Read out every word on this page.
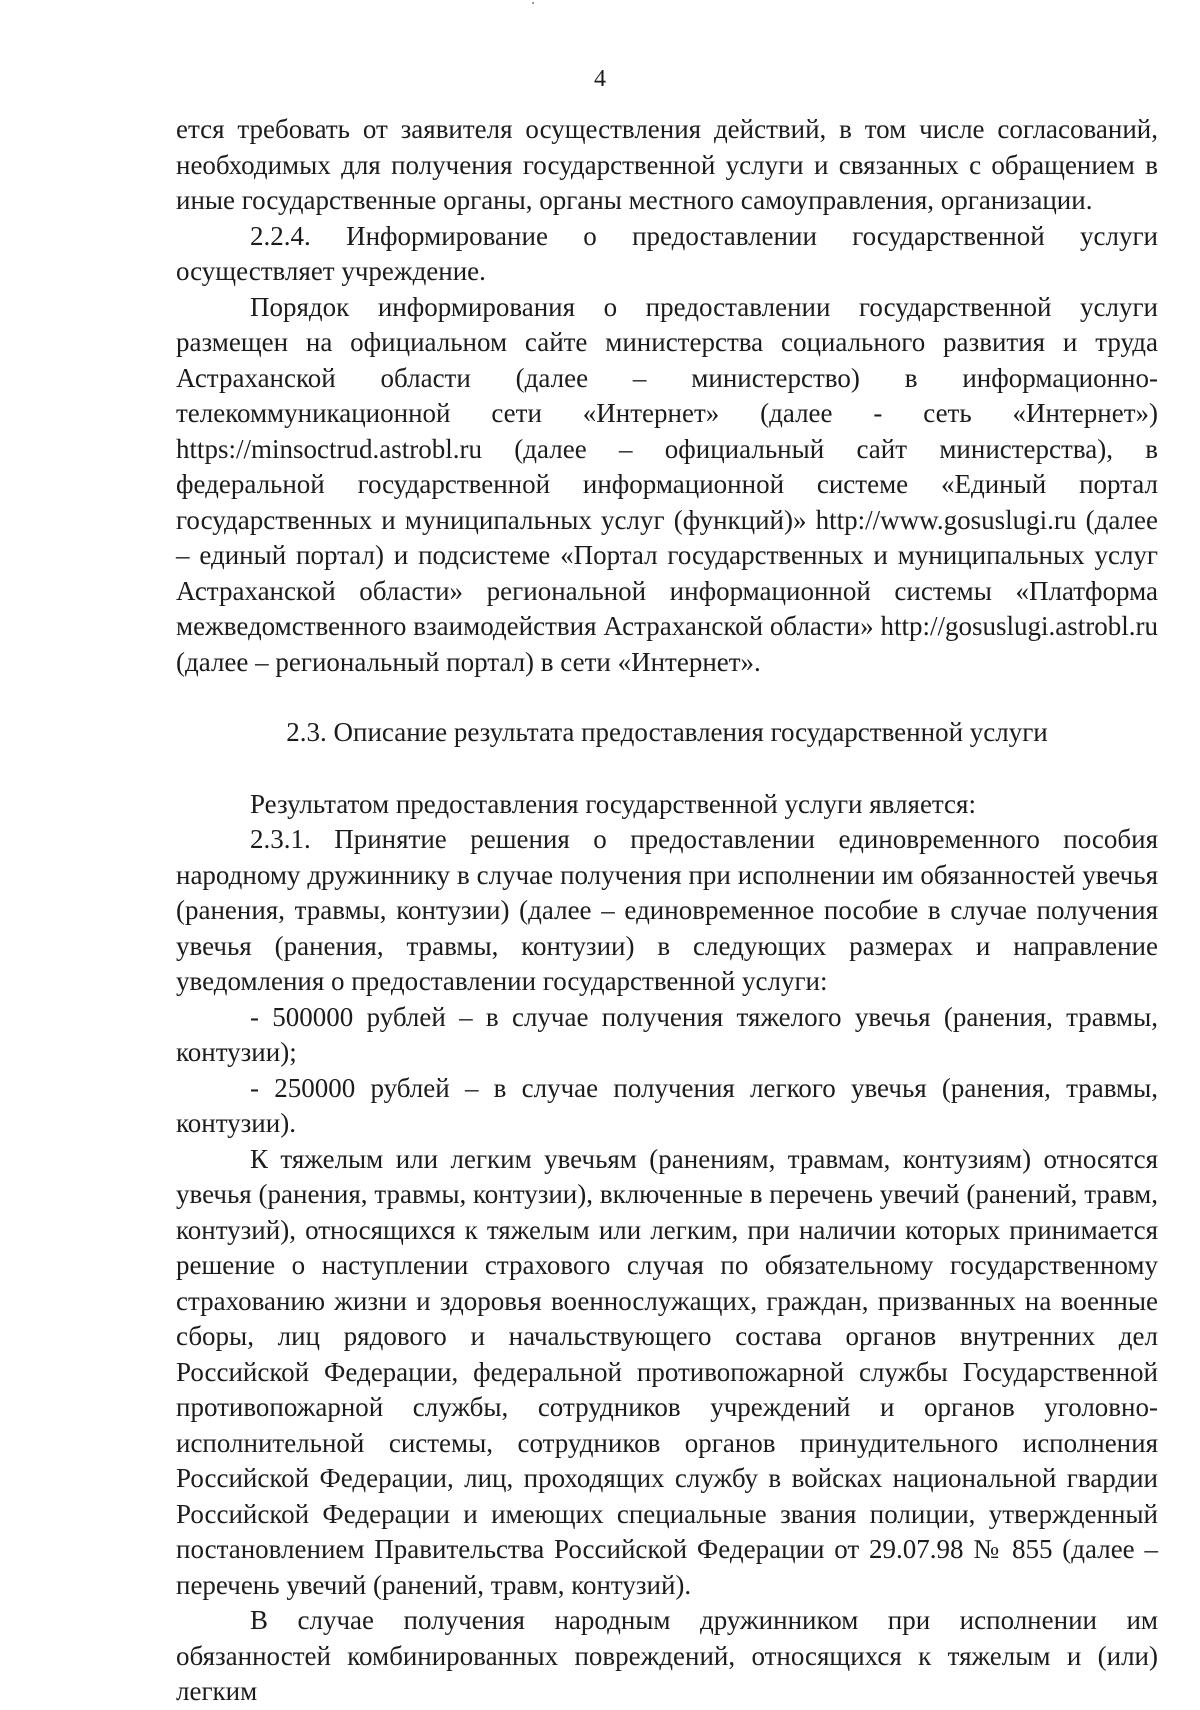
4

ется требовать от заявителя осуществления действий, в том числе согласований, необходимых для получения государственной услуги и связанных с обращением в иные государственные органы, органы местного самоуправления, организации.

2.2.4. Информирование о предоставлении государственной услуги осуществляет учреждение.

Порядок информирования о предоставлении государственной услуги размещен на официальном сайте министерства социального развития и труда Астраханской области (далее – министерство) в информационно-телекоммуникационной сети «Интернет» (далее - сеть «Интернет») https://minsoctrud.astrobl.ru (далее – официальный сайт министерства), в федеральной государственной информационной системе «Единый портал государственных и муниципальных услуг (функций)» http://www.gosuslugi.ru (далее – единый портал) и подсистеме «Портал государственных и муниципальных услуг Астраханской области» региональной информационной системы «Платформа межведомственного взаимодействия Астраханской области» http://gosuslugi.astrobl.ru (далее – региональный портал) в сети «Интернет».

2.3. Описание результата предоставления государственной услуги

Результатом предоставления государственной услуги является:

2.3.1. Принятие решения о предоставлении единовременного пособия народному дружиннику в случае получения при исполнении им обязанностей увечья (ранения, травмы, контузии) (далее – единовременное пособие в случае получения увечья (ранения, травмы, контузии) в следующих размерах и направление уведомления о предоставлении государственной услуги:

- 500000 рублей – в случае получения тяжелого увечья (ранения, травмы, контузии);

- 250000 рублей – в случае получения легкого увечья (ранения, травмы, контузии).

К тяжелым или легким увечьям (ранениям, травмам, контузиям) относятся увечья (ранения, травмы, контузии), включенные в перечень увечий (ранений, травм, контузий), относящихся к тяжелым или легким, при наличии которых принимается решение о наступлении страхового случая по обязательному государственному страхованию жизни и здоровья военнослужащих, граждан, призванных на военные сборы, лиц рядового и начальствующего состава органов внутренних дел Российской Федерации, федеральной противопожарной службы Государственной противопожарной службы, сотрудников учреждений и органов уголовно-исполнительной системы, сотрудников органов принудительного исполнения Российской Федерации, лиц, проходящих службу в войсках национальной гвардии Российской Федерации и имеющих специальные звания полиции, утвержденный постановлением Правительства Российской Федерации от 29.07.98 № 855 (далее – перечень увечий (ранений, травм, контузий).

В случае получения народным дружинником при исполнении им обязанностей комбинированных повреждений, относящихся к тяжелым и (или) легким
